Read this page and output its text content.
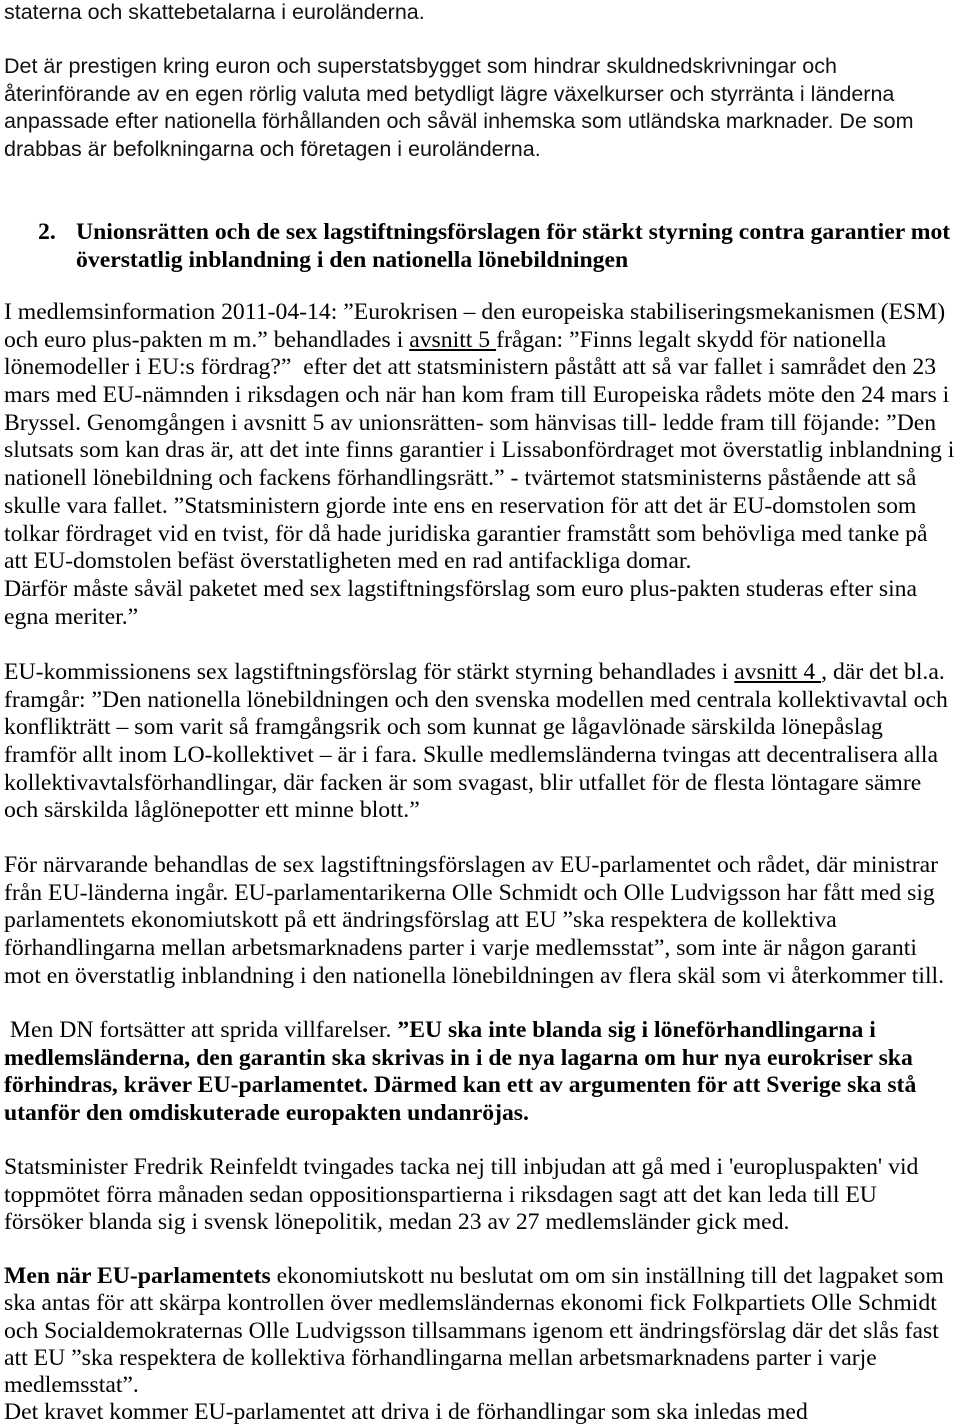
staterna och skattebetalarna i euroländerna.
Det är prestigen kring euron och superstatsbygget som hindrar skuldnedskrivningar och
återinförande av en egen rörlig valuta med betydligt lägre växelkurser och styrränta i länderna
anpassade efter nationella förhållanden och såväl inhemska som utländska marknader. De som
drabbas är befolkningarna och företagen i euroländerna.
2. Unionsrätten och de sex lagstiftningsförslagen för stärkt styrning contra garantier mot
överstatlig inblandning i den nationella lönebildningen
I medlemsinformation 2011-04-14: ”Eurokrisen – den europeiska stabiliseringsmekanismen (ESM)
och euro plus-pakten m m.” behandlades i avsnitt 5 frågan: ”Finns legalt skydd för nationella
lönemodeller i EU:s fördrag?”  efter det att statsministern påstått att så var fallet i samrådet den 23
mars med EU-nämnden i riksdagen och när han kom fram till Europeiska rådets möte den 24 mars i
Bryssel. Genomgången i avsnitt 5 av unionsrätten- som hänvisas till- ledde fram till föjande: ”Den
slutsats som kan dras är, att det inte finns garantier i Lissabonfördraget mot överstatlig inblandning i
nationell lönebildning och fackens förhandlingsrätt.” - tvärtemot statsministerns påstående att så
skulle vara fallet. ”Statsministern gjorde inte ens en reservation för att det är EU-domstolen som
tolkar fördraget vid en tvist, för då hade juridiska garantier framstått som behövliga med tanke på
att EU-domstolen befäst överstatligheten med en rad antifackliga domar.
Därför måste såväl paketet med sex lagstiftningsförslag som euro plus-pakten studeras efter sina
egna meriter.”
EU-kommissionens sex lagstiftningsförslag för stärkt styrning behandlades i avsnitt 4 , där det bl.a.
framgår: ”Den nationella lönebildningen och den svenska modellen med centrala kollektivavtal och
konflikträtt – som varit så framgångsrik och som kunnat ge lågavlönade särskilda lönepåslag
framför allt inom LO-kollektivet – är i fara. Skulle medlemsländerna tvingas att decentralisera alla
kollektivavtalsförhandlingar, där facken är som svagast, blir utfallet för de flesta löntagare sämre
och särskilda låglönepotter ett minne blott.”
För närvarande behandlas de sex lagstiftningsförslagen av EU-parlamentet och rådet, där ministrar
från EU-länderna ingår. EU-parlamentarikerna Olle Schmidt och Olle Ludvigsson har fått med sig
parlamentets ekonomiutskott på ett ändringsförslag att EU ”ska respektera de kollektiva
förhandlingarna mellan arbetsmarknadens parter i varje medlemsstat”, som inte är någon garanti
mot en överstatlig inblandning i den nationella lönebildningen av flera skäl som vi återkommer till.
Men DN fortsätter att sprida villfarelser. ”EU ska inte blanda sig i löneförhandlingarna i
medlemsländerna, den garantin ska skrivas in i de nya lagarna om hur nya eurokriser ska
förhindras, kräver EU-parlamentet. Därmed kan ett av argumenten för att Sverige ska stå
utanför den omdiskuterade europakten undanröjas.
Statsminister Fredrik Reinfeldt tvingades tacka nej till inbjudan att gå med i 'europluspakten' vid
toppmötet förra månaden sedan oppositionspartierna i riksdagen sagt att det kan leda till EU
försöker blanda sig i svensk lönepolitik, medan 23 av 27 medlemsländer gick med.
Men när EU-parlamentets ekonomiutskott nu beslutat om om sin inställning till det lagpaket som
ska antas för att skärpa kontrollen över medlemsländernas ekonomi fick Folkpartiets Olle Schmidt
och Socialdemokraternas Olle Ludvigsson tillsammans igenom ett ändringsförslag där det slås fast
att EU ”ska respektera de kollektiva förhandlingarna mellan arbetsmarknadens parter i varje
medlemsstat”.
Det kravet kommer EU-parlamentet att driva i de förhandlingar som ska inledas med
